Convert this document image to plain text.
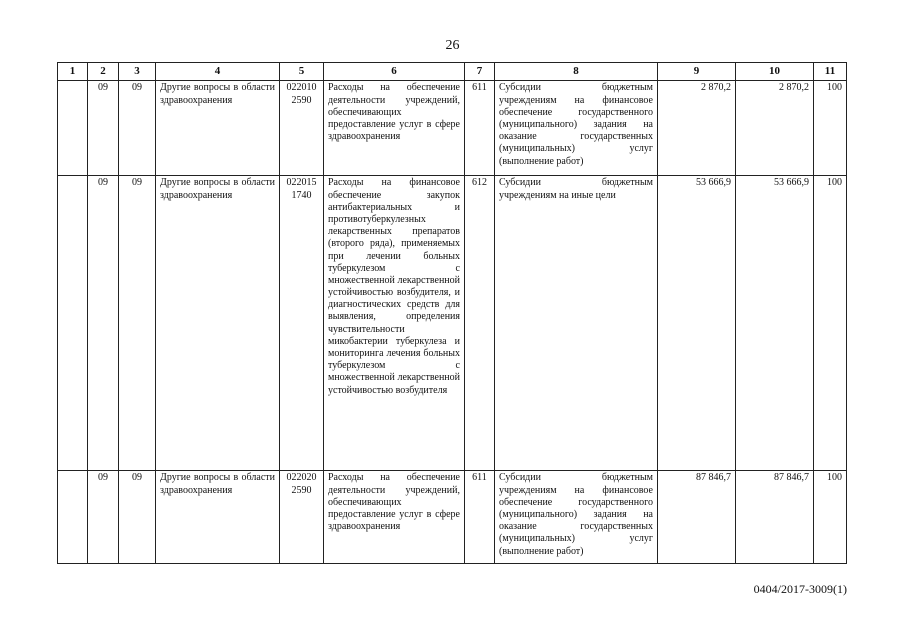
26
1	2	3	4	5	6	7	8	9	10	11
	09	09	Другие вопросы в области здравоохранения	022010 2590	Расходы на обеспечение деятельности учреждений, обеспечивающих предоставление услуг в сфере здравоохранения	611	Субсидии бюджетным учреждениям на финансовое обеспечение государственного (муниципального) задания на оказание государственных (муниципальных) услуг (выполнение работ)	2 870,2	2 870,2	100
	09	09	Другие вопросы в области здравоохранения	022015 1740	Расходы на финансовое обеспечение закупок антибактериальных и противотуберкулезных лекарственных препаратов (второго ряда), применяемых при лечении больных туберкулезом с множественной лекарственной устойчивостью возбудителя, и диагностических средств для выявления, определения чувствительности микобактерии туберкулеза и мониторинга лечения больных туберкулезом с множественной лекарственной устойчивостью возбудителя	612	Субсидии бюджетным учреждениям на иные цели	53 666,9	53 666,9	100
	09	09	Другие вопросы в области здравоохранения	022020 2590	Расходы на обеспечение деятельности учреждений, обеспечивающих предоставление услуг в сфере здравоохранения	611	Субсидии бюджетным учреждениям на финансовое обеспечение государственного (муниципального) задания на оказание государственных (муниципальных) услуг (выполнение работ)	87 846,7	87 846,7	100
0404/2017-3009(1)
